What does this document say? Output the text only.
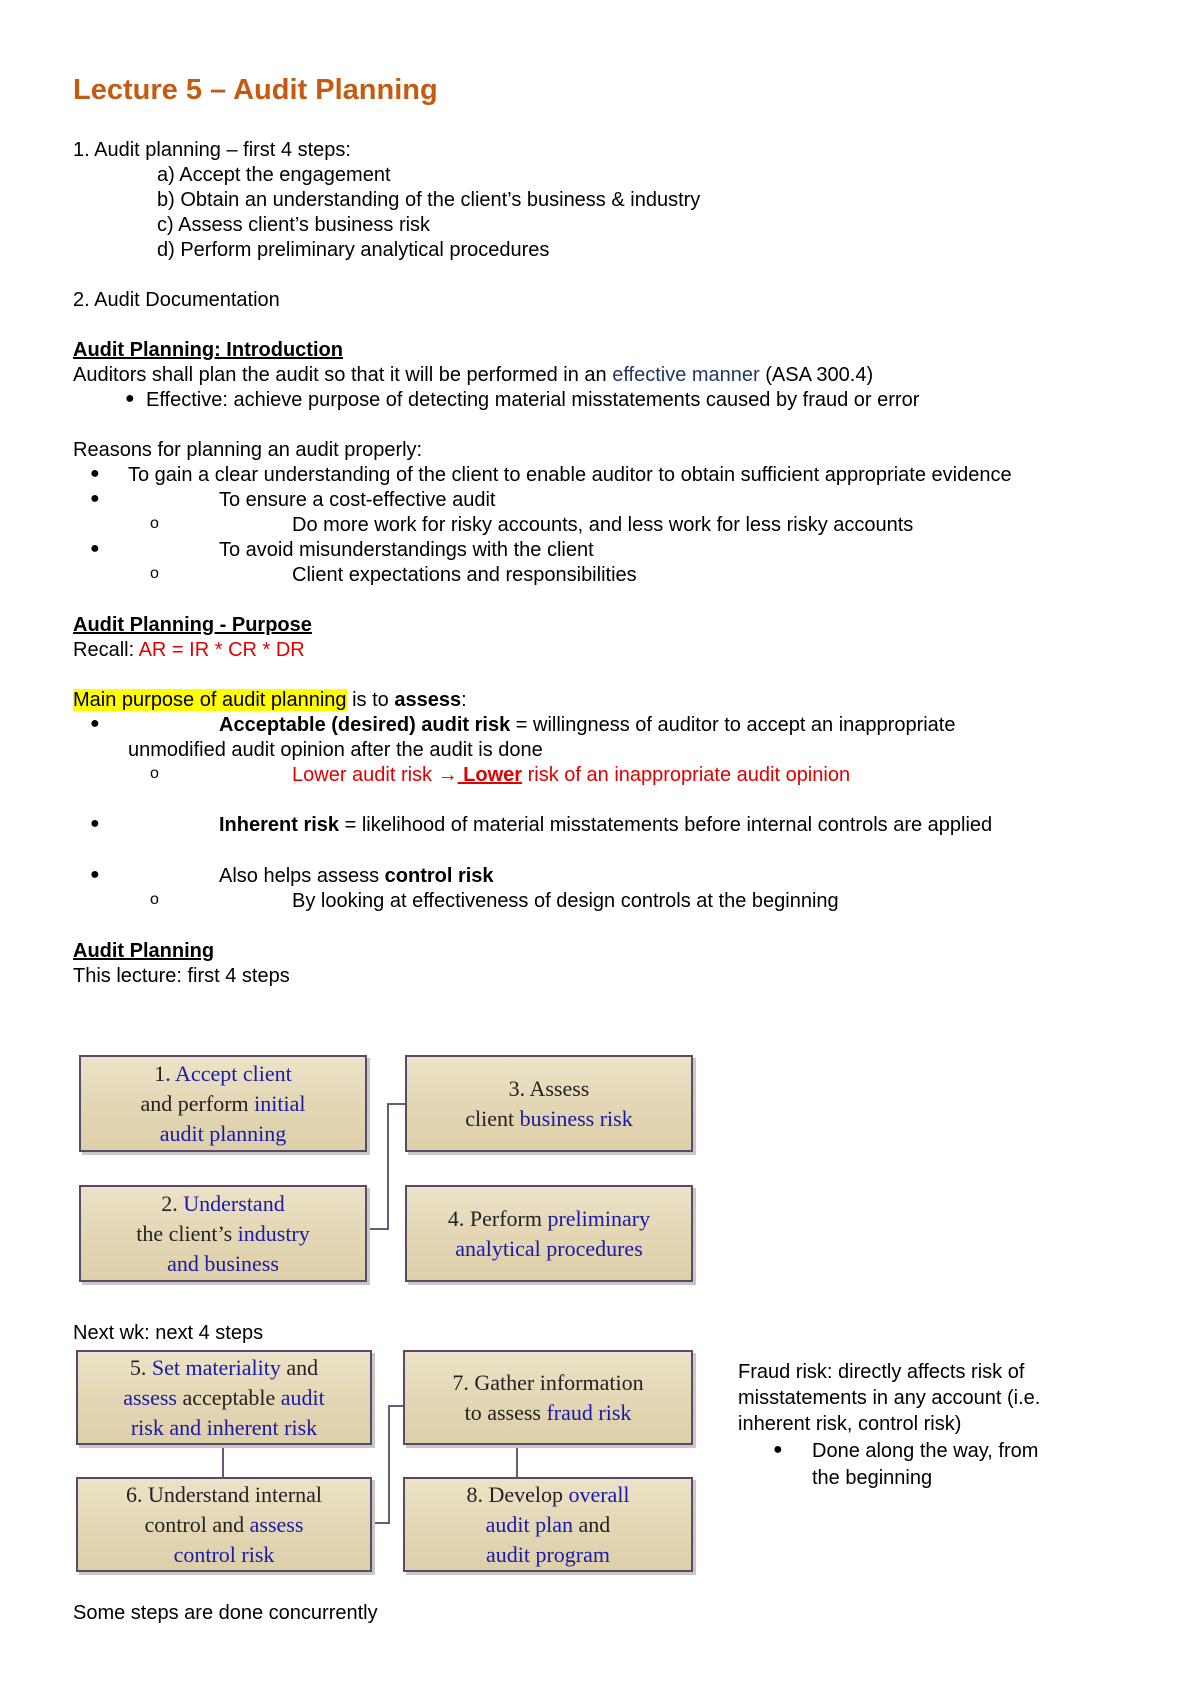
Lecture 5 – Audit Planning
1. Audit planning – first 4 steps:
a) Accept the engagement
b) Obtain an understanding of the client’s business & industry
c) Assess client’s business risk
d) Perform preliminary analytical procedures
2. Audit Documentation
Audit Planning: Introduction
Auditors shall plan the audit so that it will be performed in an effective manner (ASA 300.4)
● Effective: achieve purpose of detecting material misstatements caused by fraud or error
Reasons for planning an audit properly:
● To gain a clear understanding of the client to enable auditor to obtain sufficient appropriate evidence
●	To ensure a cost-effective audit
o	Do more work for risky accounts, and less work for less risky accounts
●	To avoid misunderstandings with the client
o	Client expectations and responsibilities
Audit Planning - Purpose
Recall: AR = IR * CR * DR
Main purpose of audit planning is to assess:
●	Acceptable (desired) audit risk = willingness of auditor to accept an inappropriate
unmodified audit opinion after the audit is done
o	Lower audit risk → Lower risk of an inappropriate audit opinion
●	Inherent risk = likelihood of material misstatements before internal controls are applied
●	Also helps assess control risk
o	By looking at effectiveness of design controls at the beginning
Audit Planning
This lecture: first 4 steps
1. Accept client
and perform initial
audit planning
3. Assess
client business risk
2. Understand
the client’s industry
and business
4. Perform preliminary
analytical procedures
Next wk: next 4 steps
5. Set materiality and
assess acceptable audit
risk and inherent risk
7. Gather information
to assess fraud risk
6. Understand internal
control and assess
control risk
8. Develop overall
audit plan and
audit program
Fraud risk: directly affects risk of
misstatements in any account (i.e.
inherent risk, control risk)
● Done along the way, from
the beginning
Some steps are done concurrently
